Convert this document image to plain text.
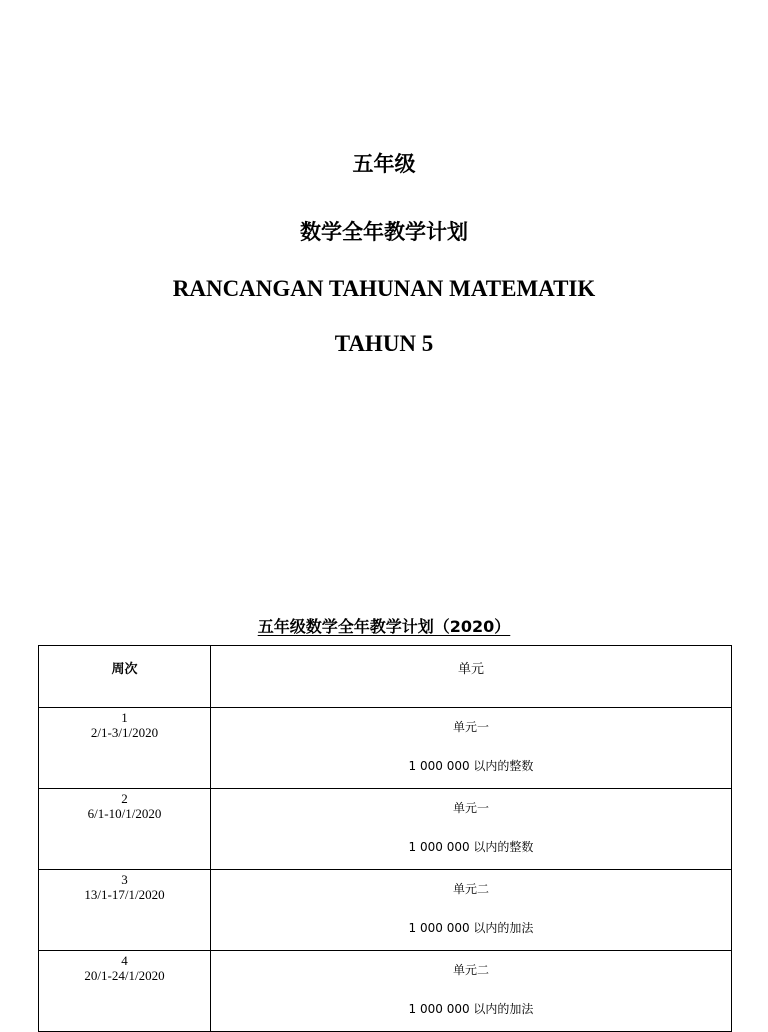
五年级
数学全年教学计划
RANCANGAN TAHUNAN MATEMATIK
TAHUN 5
五年级数学全年教学计划（2020）
周次	单元

1
2/1-3/1/2020	单元一
1 000 000 以内的整数

2
6/1-10/1/2020	单元一
1 000 000 以内的整数

3
13/1-17/1/2020	单元二
1 000 000 以内的加法

4
20/1-24/1/2020	单元二
1 000 000 以内的加法
